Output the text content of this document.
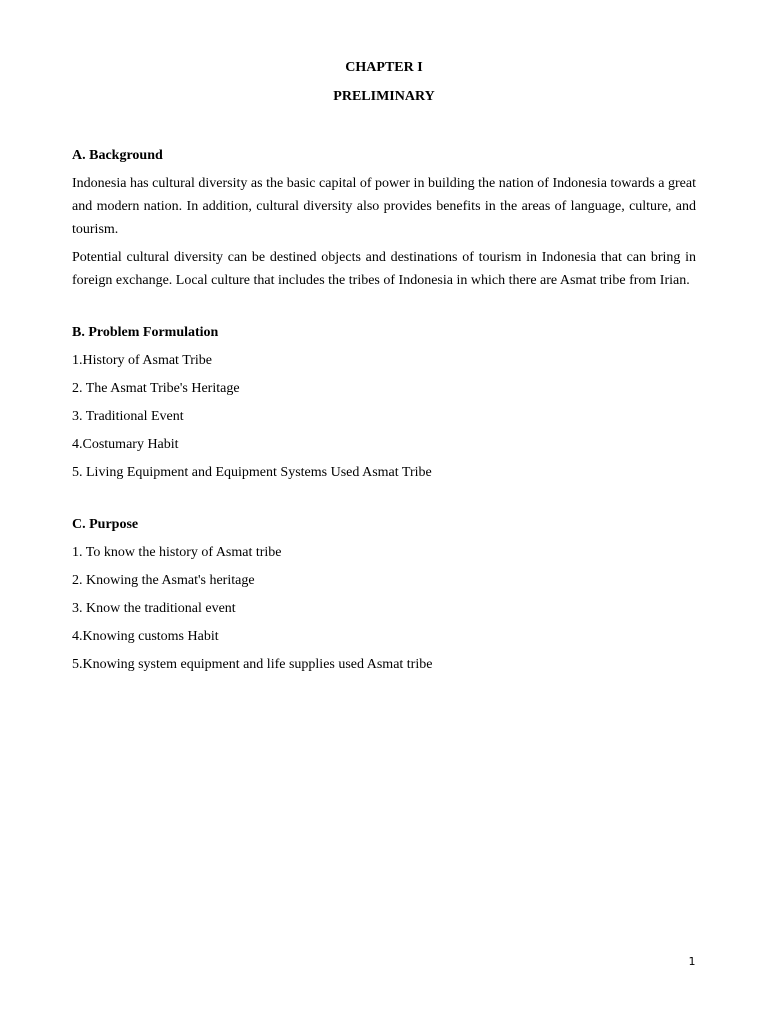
CHAPTER I
PRELIMINARY
A. Background

Indonesia has cultural diversity as the basic capital of power in building the nation of Indonesia towards a great and modern nation. In addition, cultural diversity also provides benefits in the areas of language, culture, and tourism.

Potential cultural diversity can be destined objects and destinations of tourism in Indonesia that can bring in foreign exchange. Local culture that includes the tribes of Indonesia in which there are Asmat tribe from Irian.

B. Problem Formulation
1.History of Asmat Tribe
2. The Asmat Tribe's Heritage
3. Traditional Event
4.Costumary Habit
5. Living Equipment and Equipment Systems Used Asmat Tribe
C. Purpose
1. To know the history of Asmat tribe
2. Knowing the Asmat's heritage
3. Know the traditional event
4.Knowing customs Habit
5.Knowing system equipment and life supplies used Asmat tribe
1
